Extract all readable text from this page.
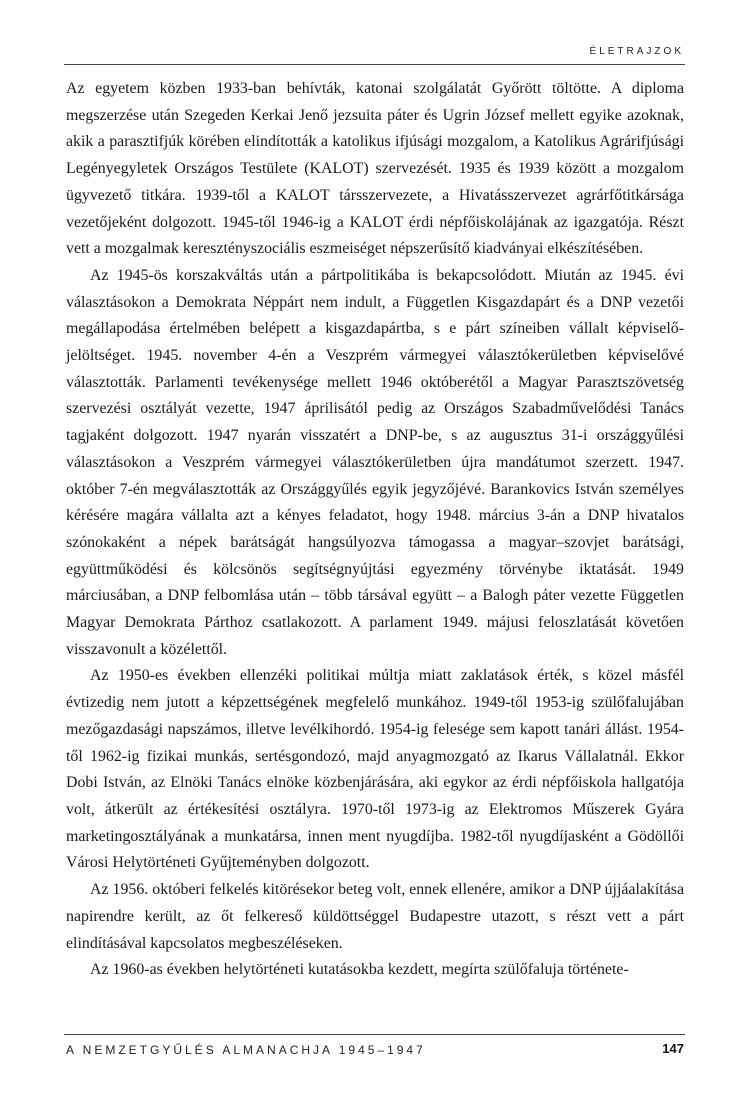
ÉLETRAJZOK

Az egyetem közben 1933-ban behívták, katonai szolgálatát Győrött töltötte. A diploma megszerzése után Szegeden Kerkai Jenő jezsuita páter és Ugrin József mellett egyike azoknak, akik a parasztifjúk körében elindították a katolikus ifjúsági mozgalom, a Katolikus Agrárifjúsági Legényegyletek Országos Testülete (KALOT) szervezését. 1935 és 1939 között a mozgalom ügyvezető titkára. 1939-től a KALOT társszervezete, a Hivatásszervezet agrárfőtitkársága vezetőjeként dolgozott. 1945-től 1946-ig a KALOT érdi népfőiskolájának az igazgatója. Részt vett a mozgalmak keresztényszociális eszmeiséget népszerűsítő kiadványai elkészítésében.

Az 1945-ös korszakváltás után a pártpolitikába is bekapcsolódott. Miután az 1945. évi választásokon a Demokrata Néppárt nem indult, a Független Kisgazdapárt és a DNP vezetői megállapodása értelmében belépett a kisgazdapártba, s e párt színeiben vállalt képviselő-jelöltséget. 1945. november 4-én a Veszprém vármegyei választókerületben képviselővé választották. Parlamenti tevékenysége mellett 1946 októberétől a Magyar Parasztszövetség szervezési osztályát vezette, 1947 áprilisától pedig az Országos Szabadművelődési Tanács tagjaként dolgozott. 1947 nyarán visszatért a DNP-be, s az augusztus 31-i országgyűlési választásokon a Veszprém vármegyei választókerületben újra mandátumot szerzett. 1947. október 7-én megválasztották az Országgyűlés egyik jegyzőjévé. Barankovics István személyes kérésére magára vállalta azt a kényes feladatot, hogy 1948. március 3-án a DNP hivatalos szónokaként a népek barátságát hangsúlyozva támogassa a magyar–szovjet barátsági, együttműködési és kölcsönös segítségnyújtási egyezmény törvénybe iktatását. 1949 márciusában, a DNP felbomlása után – több társával együtt – a Balogh páter vezette Független Magyar Demokrata Párthoz csatlakozott. A parlament 1949. májusi feloszlatását követően visszavonult a közélettől.

Az 1950-es években ellenzéki politikai múltja miatt zaklatások érték, s közel másfél évtizedig nem jutott a képzettségének megfelelő munkához. 1949-től 1953-ig szülőfalujában mezőgazdasági napszámos, illetve levélkihordó. 1954-ig felesége sem kapott tanári állást. 1954-től 1962-ig fizikai munkás, sertésgondozó, majd anyagmozgató az Ikarus Vállalatnál. Ekkor Dobi István, az Elnöki Tanács elnöke közbenjárására, aki egykor az érdi népfőiskola hallgatója volt, átkerült az értékesítési osztályra. 1970-től 1973-ig az Elektromos Műszerek Gyára marketingosztályának a munkatársa, innen ment nyugdíjba. 1982-től nyugdíjasként a Gödöllői Városi Helytörténeti Gyűjteményben dolgozott.

Az 1956. októberi felkelés kitörésekor beteg volt, ennek ellenére, amikor a DNP újjáalakítása napirendre került, az őt felkereső küldöttséggel Budapestre utazott, s részt vett a párt elindításával kapcsolatos megbeszéléseken.

Az 1960-as években helytörténeti kutatásokba kezdett, megírta szülőfaluja története-

A NEMZETGYŰLÉS ALMANACHJA 1945–1947	147
